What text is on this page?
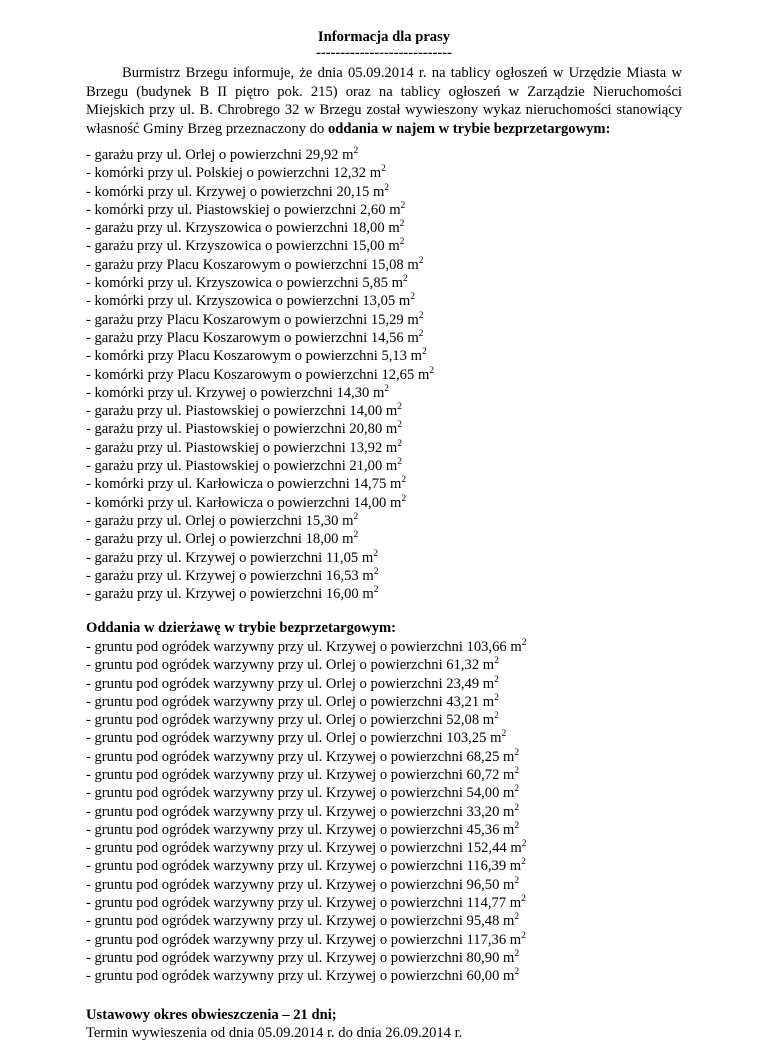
Informacja dla prasy

----------------------------

Burmistrz Brzegu informuje, że dnia 05.09.2014 r. na tablicy ogłoszeń w Urzędzie Miasta w Brzegu (budynek B II piętro pok. 215) oraz na tablicy ogłoszeń w Zarządzie Nieruchomości Miejskich przy ul. B. Chrobrego 32 w Brzegu został wywieszony wykaz nieruchomości stanowiący własność Gminy Brzeg przeznaczony do oddania w najem w trybie bezprzetargowym:

- garażu przy ul. Orlej o powierzchni 29,92 $m^2$
- komórki przy ul. Polskiej o powierzchni 12,32 $m^2$
- komórki przy ul. Krzywej o powierzchni 20,15 $m^2$
- komórki przy ul. Piastowskiej o powierzchni 2,60 $m^2$
- garażu przy ul. Krzyszowica o powierzchni 18,00 $m^2$
- garażu przy ul. Krzyszowica o powierzchni 15,00 $m^2$
- garażu przy Placu Koszarowym o powierzchni 15,08 $m^2$
- komórki przy ul. Krzyszowica o powierzchni 5,85 $m^2$
- komórki przy ul. Krzyszowica o powierzchni 13,05 $m^2$
- garażu przy Placu Koszarowym o powierzchni 15,29 $m^2$
- garażu przy Placu Koszarowym o powierzchni 14,56 $m^2$
- komórki przy Placu Koszarowym o powierzchni 5,13 $m^2$
- komórki przy Placu Koszarowym o powierzchni 12,65 $m^2$
- komórki przy ul. Krzywej o powierzchni 14,30 $m^2$
- garażu przy ul. Piastowskiej o powierzchni 14,00 $m^2$
- garażu przy ul. Piastowskiej o powierzchni 20,80 $m^2$
- garażu przy ul. Piastowskiej o powierzchni 13,92 $m^2$
- garażu przy ul. Piastowskiej o powierzchni 21,00 $m^2$
- komórki przy ul. Karłowicza o powierzchni 14,75 $m^2$
- komórki przy ul. Karłowicza o powierzchni 14,00 $m^2$
- garażu przy ul. Orlej o powierzchni 15,30 $m^2$
- garażu przy ul. Orlej o powierzchni 18,00 $m^2$
- garażu przy ul. Krzywej o powierzchni 11,05 $m^2$
- garażu przy ul. Krzywej o powierzchni 16,53 $m^2$
- garażu przy ul. Krzywej o powierzchni 16,00 $m^2$

Oddania w dzierżawę w trybie bezprzetargowym:

- gruntu pod ogródek warzywny przy ul. Krzywej o powierzchni 103,66 $m^2$
- gruntu pod ogródek warzywny przy ul. Orlej o powierzchni 61,32 $m^2$
- gruntu pod ogródek warzywny przy ul. Orlej o powierzchni 23,49 $m^2$
- gruntu pod ogródek warzywny przy ul. Orlej o powierzchni 43,21 $m^2$
- gruntu pod ogródek warzywny przy ul. Orlej o powierzchni 52,08 $m^2$
- gruntu pod ogródek warzywny przy ul. Orlej o powierzchni 103,25 $m^2$
- gruntu pod ogródek warzywny przy ul. Krzywej o powierzchni 68,25 $m^2$
- gruntu pod ogródek warzywny przy ul. Krzywej o powierzchni 60,72 $m^2$
- gruntu pod ogródek warzywny przy ul. Krzywej o powierzchni 54,00 $m^2$
- gruntu pod ogródek warzywny przy ul. Krzywej o powierzchni 33,20 $m^2$
- gruntu pod ogródek warzywny przy ul. Krzywej o powierzchni 45,36 $m^2$
- gruntu pod ogródek warzywny przy ul. Krzywej o powierzchni 152,44 $m^2$
- gruntu pod ogródek warzywny przy ul. Krzywej o powierzchni 116,39 $m^2$
- gruntu pod ogródek warzywny przy ul. Krzywej o powierzchni 96,50 $m^2$
- gruntu pod ogródek warzywny przy ul. Krzywej o powierzchni 114,77 $m^2$
- gruntu pod ogródek warzywny przy ul. Krzywej o powierzchni 95,48 $m^2$
- gruntu pod ogródek warzywny przy ul. Krzywej o powierzchni 117,36 $m^2$
- gruntu pod ogródek warzywny przy ul. Krzywej o powierzchni 80,90 $m^2$
- gruntu pod ogródek warzywny przy ul. Krzywej o powierzchni 60,00 $m^2$

Ustawowy okres obwieszczenia – 21 dni;

Termin wywieszenia od dnia 05.09.2014 r. do dnia 26.09.2014 r.
